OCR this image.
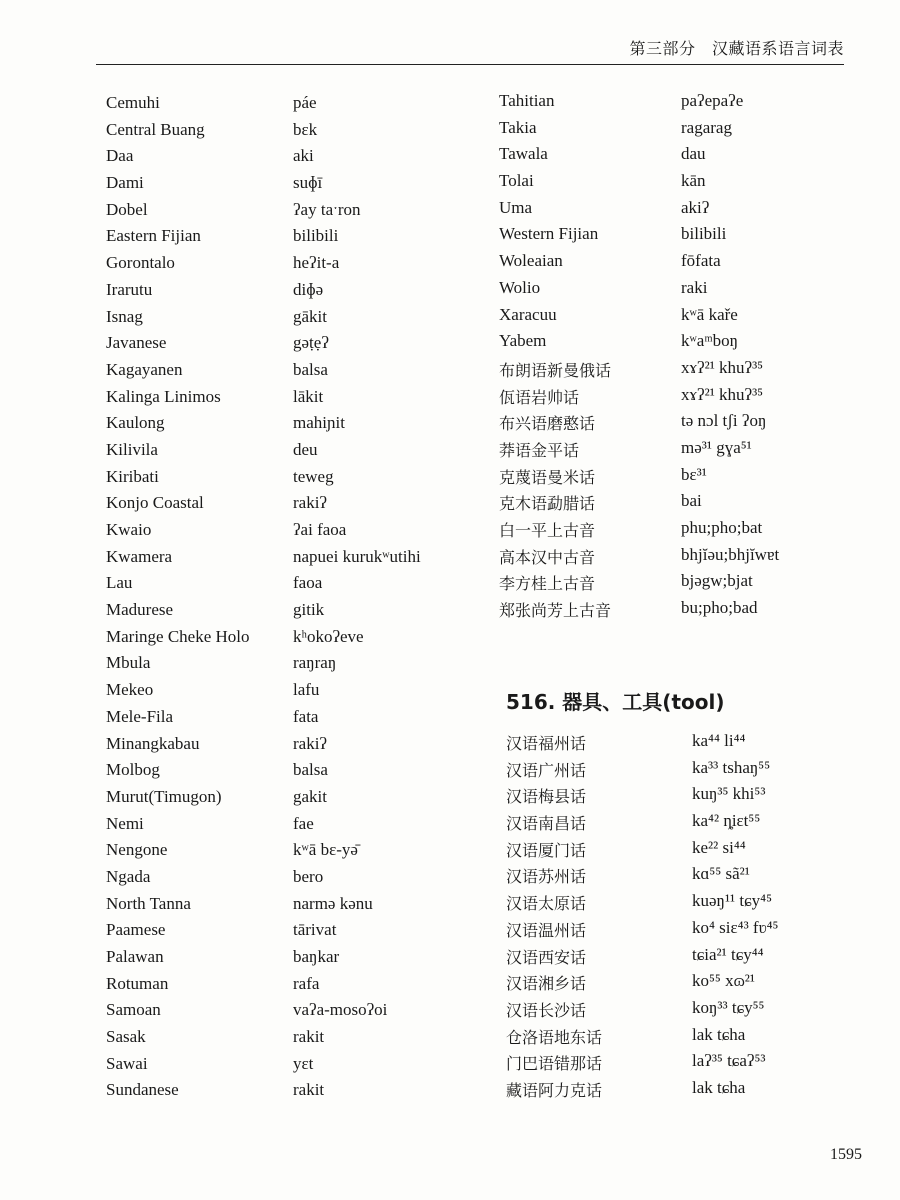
第三部分　汉藏语系语言词表
Cemuhi	páe
Central Buang	bɛk
Daa	aki
Dami	suɸī
Dobel	ʔay taˑron
Eastern Fijian	bilibili
Gorontalo	heʔit-a
Irarutu	diɸə
Isnag	gākit
Javanese	gəṭẹʔ
Kagayanen	balsa
Kalinga Linimos	lākit
Kaulong	mahiɲit
Kilivila	deu
Kiribati	teweg
Konjo Coastal	rakiʔ
Kwaio	ʔai faoa
Kwamera	napuei kurukʷutihi
Lau	faoa
Madurese	gitik
Maringe Cheke Holo	kʰokoʔeve
Mbula	raŋraŋ
Mekeo	lafu
Mele-Fila	fata
Minangkabau	rakiʔ
Molbog	balsa
Murut(Timugon)	gakit
Nemi	fae
Nengone	kʷā bɛ-yə̄
Ngada	bero
North Tanna	narmə kənu
Paamese	tārivat
Palawan	baŋkar
Rotuman	rafa
Samoan	vaʔa-mosoʔoi
Sasak	rakit
Sawai	yɛt
Sundanese	rakit
Tahitian	paʔepaʔe
Takia	ragarag
Tawala	dau
Tolai	kān
Uma	akiʔ
Western Fijian	bilibili
Woleaian	fōfata
Wolio	raki
Xaracuu	kʷā kaře
Yabem	kʷaᵐboŋ
布朗语新曼俄话	xɤʔ²¹ khuʔ³⁵
佤语岩帅话	xɤʔ²¹ khuʔ³⁵
布兴语磨憨话	tə nɔl tʃi ʔoŋ
莽语金平话	mə³¹ gɣa⁵¹
克蔑语曼米话	bɛ³¹
克木语勐腊话	bai
白一平上古音	phu;pho;bat
高本汉中古音	bhjĭəu;bhjĭwɐt
李方桂上古音	bjəgw;bjat
郑张尚芳上古音	bu;pho;bad
516. 器具、工具(tool)
汉语福州话	ka⁴⁴ li⁴⁴
汉语广州话	ka³³ tshaŋ⁵⁵
汉语梅县话	kuŋ³⁵ khi⁵³
汉语南昌话	ka⁴² ȵiɛt⁵⁵
汉语厦门话	ke²² si⁴⁴
汉语苏州话	kɑ⁵⁵ sã²¹
汉语太原话	kuəŋ¹¹ tɕy⁴⁵
汉语温州话	ko⁴ siɛ⁴³ fʋ⁴⁵
汉语西安话	tɕia²¹ tɕy⁴⁴
汉语湘乡话	ko⁵⁵ xɷ²¹
汉语长沙话	koŋ³³ tɕy⁵⁵
仓洛语地东话	lak tɕha
门巴语错那话	laʔ³⁵ tɕaʔ⁵³
藏语阿力克话	lak tɕha
1595
